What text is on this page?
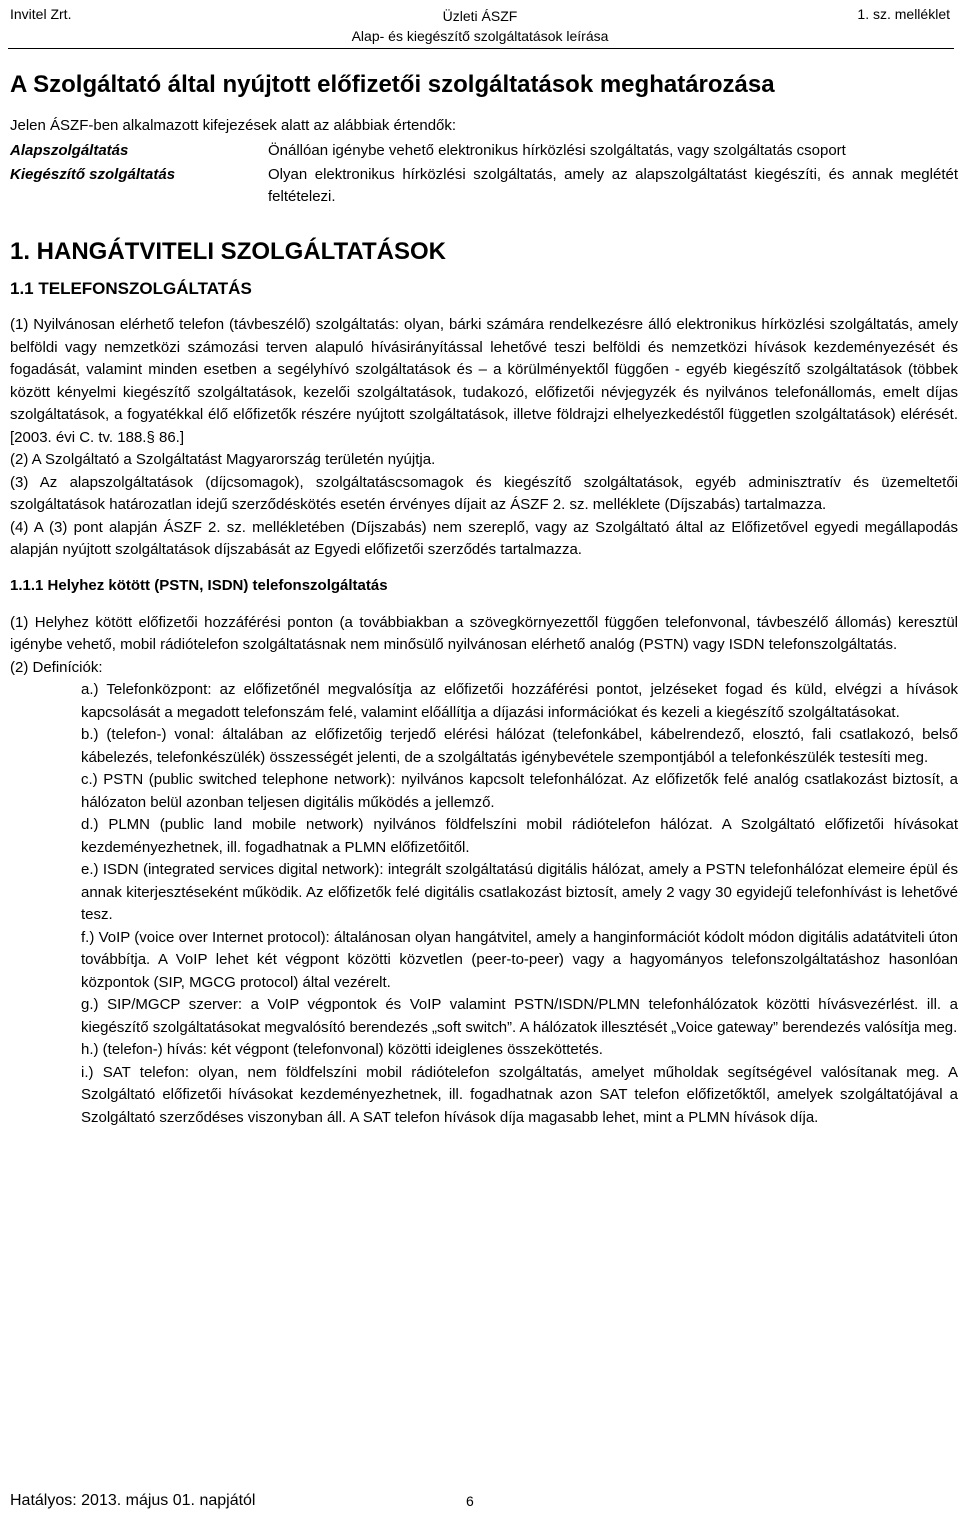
Invitel Zrt.	Üzleti ÁSZF
Alap- és kiegészítő szolgáltatások leírása
1. sz. melléklet
A Szolgáltató által nyújtott előfizetői szolgáltatások meghatározása

Jelen ÁSZF-ben alkalmazott kifejezések alatt az alábbiak értendők:

Alapszolgáltatás	Önállóan igénybe vehető elektronikus hírközlési szolgáltatás, vagy szolgáltatás csoport
Kiegészítő szolgáltatás	Olyan elektronikus hírközlési szolgáltatás, amely az alapszolgáltatást kiegészíti, és annak meglétét feltételezi.
1. HANGÁTVITELI SZOLGÁLTATÁSOK
1.1 TELEFONSZOLGÁLTATÁS

(1) Nyilvánosan elérhető telefon (távbeszélő) szolgáltatás: olyan, bárki számára rendelkezésre álló elektronikus hírközlési szolgáltatás, amely belföldi vagy nemzetközi számozási terven alapuló hívásirányítással lehetővé teszi belföldi és nemzetközi hívások kezdeményezését és fogadását, valamint minden esetben a segélyhívó szolgáltatások és – a körülményektől függően - egyéb kiegészítő szolgáltatások (többek között kényelmi kiegészítő szolgáltatások, kezelői szolgáltatások, tudakozó, előfizetői névjegyzék és nyilvános telefonállomás, emelt díjas szolgáltatások, a fogyatékkal élő előfizetők részére nyújtott szolgáltatások, illetve földrajzi elhelyezkedéstől független szolgáltatások) elérését. [2003. évi C. tv. 188.§ 86.]

(2) A Szolgáltató a Szolgáltatást Magyarország területén nyújtja.

(3) Az alapszolgáltatások (díjcsomagok), szolgáltatáscsomagok és kiegészítő szolgáltatások, egyéb adminisztratív és üzemeltetői szolgáltatások határozatlan idejű szerződéskötés esetén érvényes díjait az ÁSZF 2. sz. melléklete (Díjszabás) tartalmazza.

(4) A (3) pont alapján ÁSZF 2. sz. mellékletében (Díjszabás) nem szereplő, vagy az Szolgáltató által az Előfizetővel egyedi megállapodás alapján nyújtott szolgáltatások díjszabását az Egyedi előfizetői szerződés tartalmazza.

1.1.1 Helyhez kötött (PSTN, ISDN) telefonszolgáltatás

(1) Helyhez kötött előfizetői hozzáférési ponton (a továbbiakban a szövegkörnyezettől függően telefonvonal, távbeszélő állomás) keresztül igénybe vehető, mobil rádiótelefon szolgáltatásnak nem minősülő nyilvánosan elérhető analóg (PSTN) vagy ISDN telefonszolgáltatás.

(2) Definíciók:

a.) Telefonközpont: az előfizetőnél megvalósítja az előfizetői hozzáférési pontot, jelzéseket fogad és küld, elvégzi a hívások kapcsolását a megadott telefonszám felé, valamint előállítja a díjazási információkat és kezeli a kiegészítő szolgáltatásokat.

b.) (telefon-) vonal: általában az előfizetőig terjedő elérési hálózat (telefonkábel, kábelrendező, elosztó, fali csatlakozó, belső kábelezés, telefonkészülék) összességét jelenti, de a szolgáltatás igénybevétele szempontjából a telefonkészülék testesíti meg.

c.) PSTN (public switched telephone network): nyilvános kapcsolt telefonhálózat. Az előfizetők felé analóg csatlakozást biztosít, a hálózaton belül azonban teljesen digitális működés a jellemző.

d.) PLMN (public land mobile network) nyilvános földfelszíni mobil rádiótelefon hálózat. A Szolgáltató előfizetői hívásokat kezdeményezhetnek, ill. fogadhatnak a PLMN előfizetőitől.

e.) ISDN (integrated services digital network): integrált szolgáltatású digitális hálózat, amely a PSTN telefonhálózat elemeire épül és annak kiterjesztéseként működik. Az előfizetők felé digitális csatlakozást biztosít, amely 2 vagy 30 egyidejű telefonhívást is lehetővé tesz.

f.) VoIP (voice over Internet protocol): általánosan olyan hangátvitel, amely a hanginformációt kódolt módon digitális adatátviteli úton továbbítja. A VoIP lehet két végpont közötti közvetlen (peer-to-peer) vagy a hagyományos telefonszolgáltatáshoz hasonlóan központok (SIP, MGCG protocol) által vezérelt.

g.) SIP/MGCP szerver: a VoIP végpontok és VoIP valamint PSTN/ISDN/PLMN telefonhálózatok közötti hívásvezérlést. ill. a kiegészítő szolgáltatásokat megvalósító berendezés „soft switch”. A hálózatok illesztését „Voice gateway” berendezés valósítja meg.

h.) (telefon-) hívás: két végpont (telefonvonal) közötti ideiglenes összeköttetés.

i.) SAT telefon: olyan, nem földfelszíni mobil rádiótelefon szolgáltatás, amelyet műholdak segítségével valósítanak meg. A Szolgáltató előfizetői hívásokat kezdeményezhetnek, ill. fogadhatnak azon SAT telefon előfizetőktől, amelyek szolgáltatójával a Szolgáltató szerződéses viszonyban áll. A SAT telefon hívások díja magasabb lehet, mint a PLMN hívások díja.

Hatályos: 2013. május 01. napjától	6
